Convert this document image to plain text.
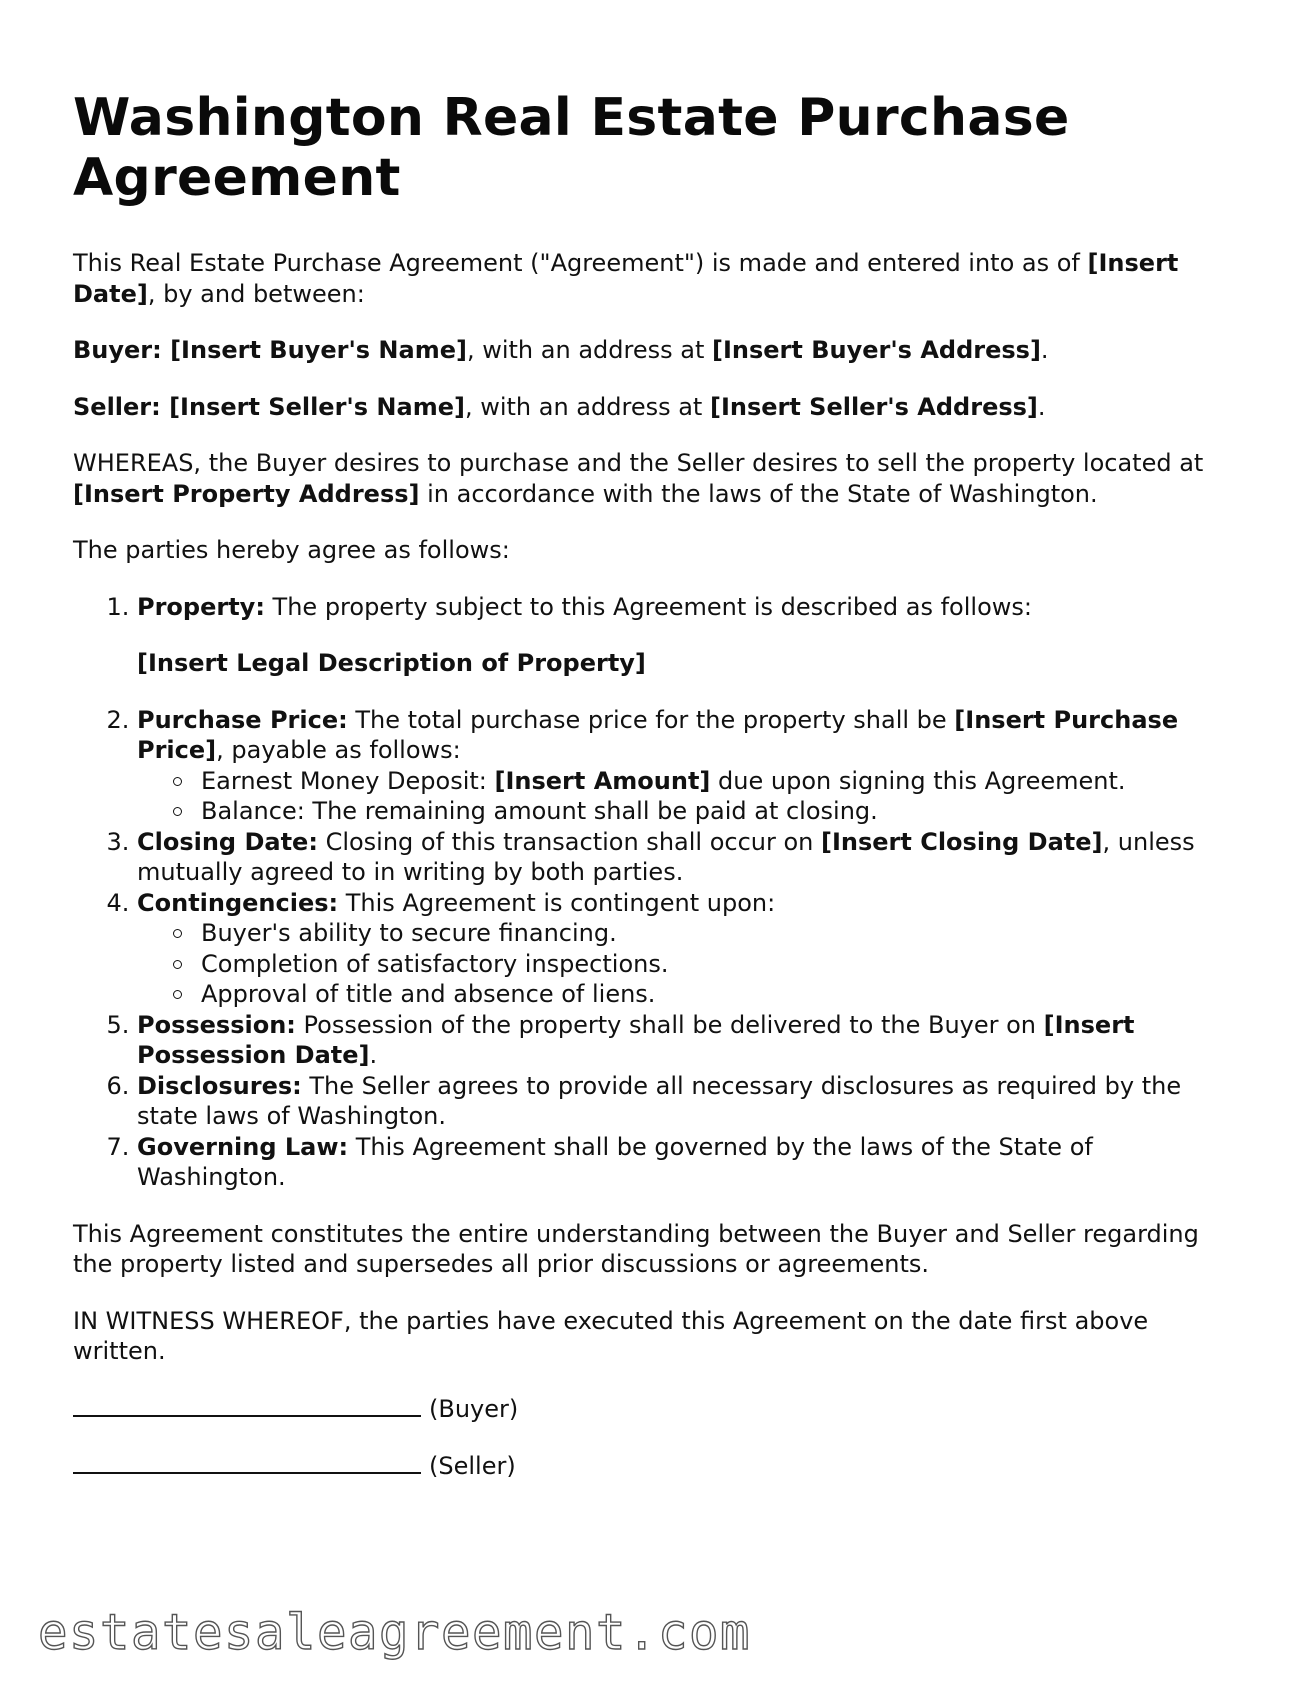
Washington Real Estate Purchase Agreement

This Real Estate Purchase Agreement ("Agreement") is made and entered into as of [Insert Date], by and between:

Buyer: [Insert Buyer's Name], with an address at [Insert Buyer's Address].

Seller: [Insert Seller's Name], with an address at [Insert Seller's Address].

WHEREAS, the Buyer desires to purchase and the Seller desires to sell the property located at [Insert Property Address] in accordance with the laws of the State of Washington.

The parties hereby agree as follows:

1. Property: The property subject to this Agreement is described as follows:
[Insert Legal Description of Property]
2. Purchase Price: The total purchase price for the property shall be [Insert Purchase Price], payable as follows:
Earnest Money Deposit: [Insert Amount] due upon signing this Agreement.
Balance: The remaining amount shall be paid at closing.
3. Closing Date: Closing of this transaction shall occur on [Insert Closing Date], unless mutually agreed to in writing by both parties.
4. Contingencies: This Agreement is contingent upon:
Buyer's ability to secure financing.
Completion of satisfactory inspections.
Approval of title and absence of liens.
5. Possession: Possession of the property shall be delivered to the Buyer on [Insert Possession Date].
6. Disclosures: The Seller agrees to provide all necessary disclosures as required by the state laws of Washington.
7. Governing Law: This Agreement shall be governed by the laws of the State of Washington.

This Agreement constitutes the entire understanding between the Buyer and Seller regarding the property listed and supersedes all prior discussions or agreements.

IN WITNESS WHEREOF, the parties have executed this Agreement on the date first above written.

(Buyer)
(Seller)
estatesaleagreement.com
